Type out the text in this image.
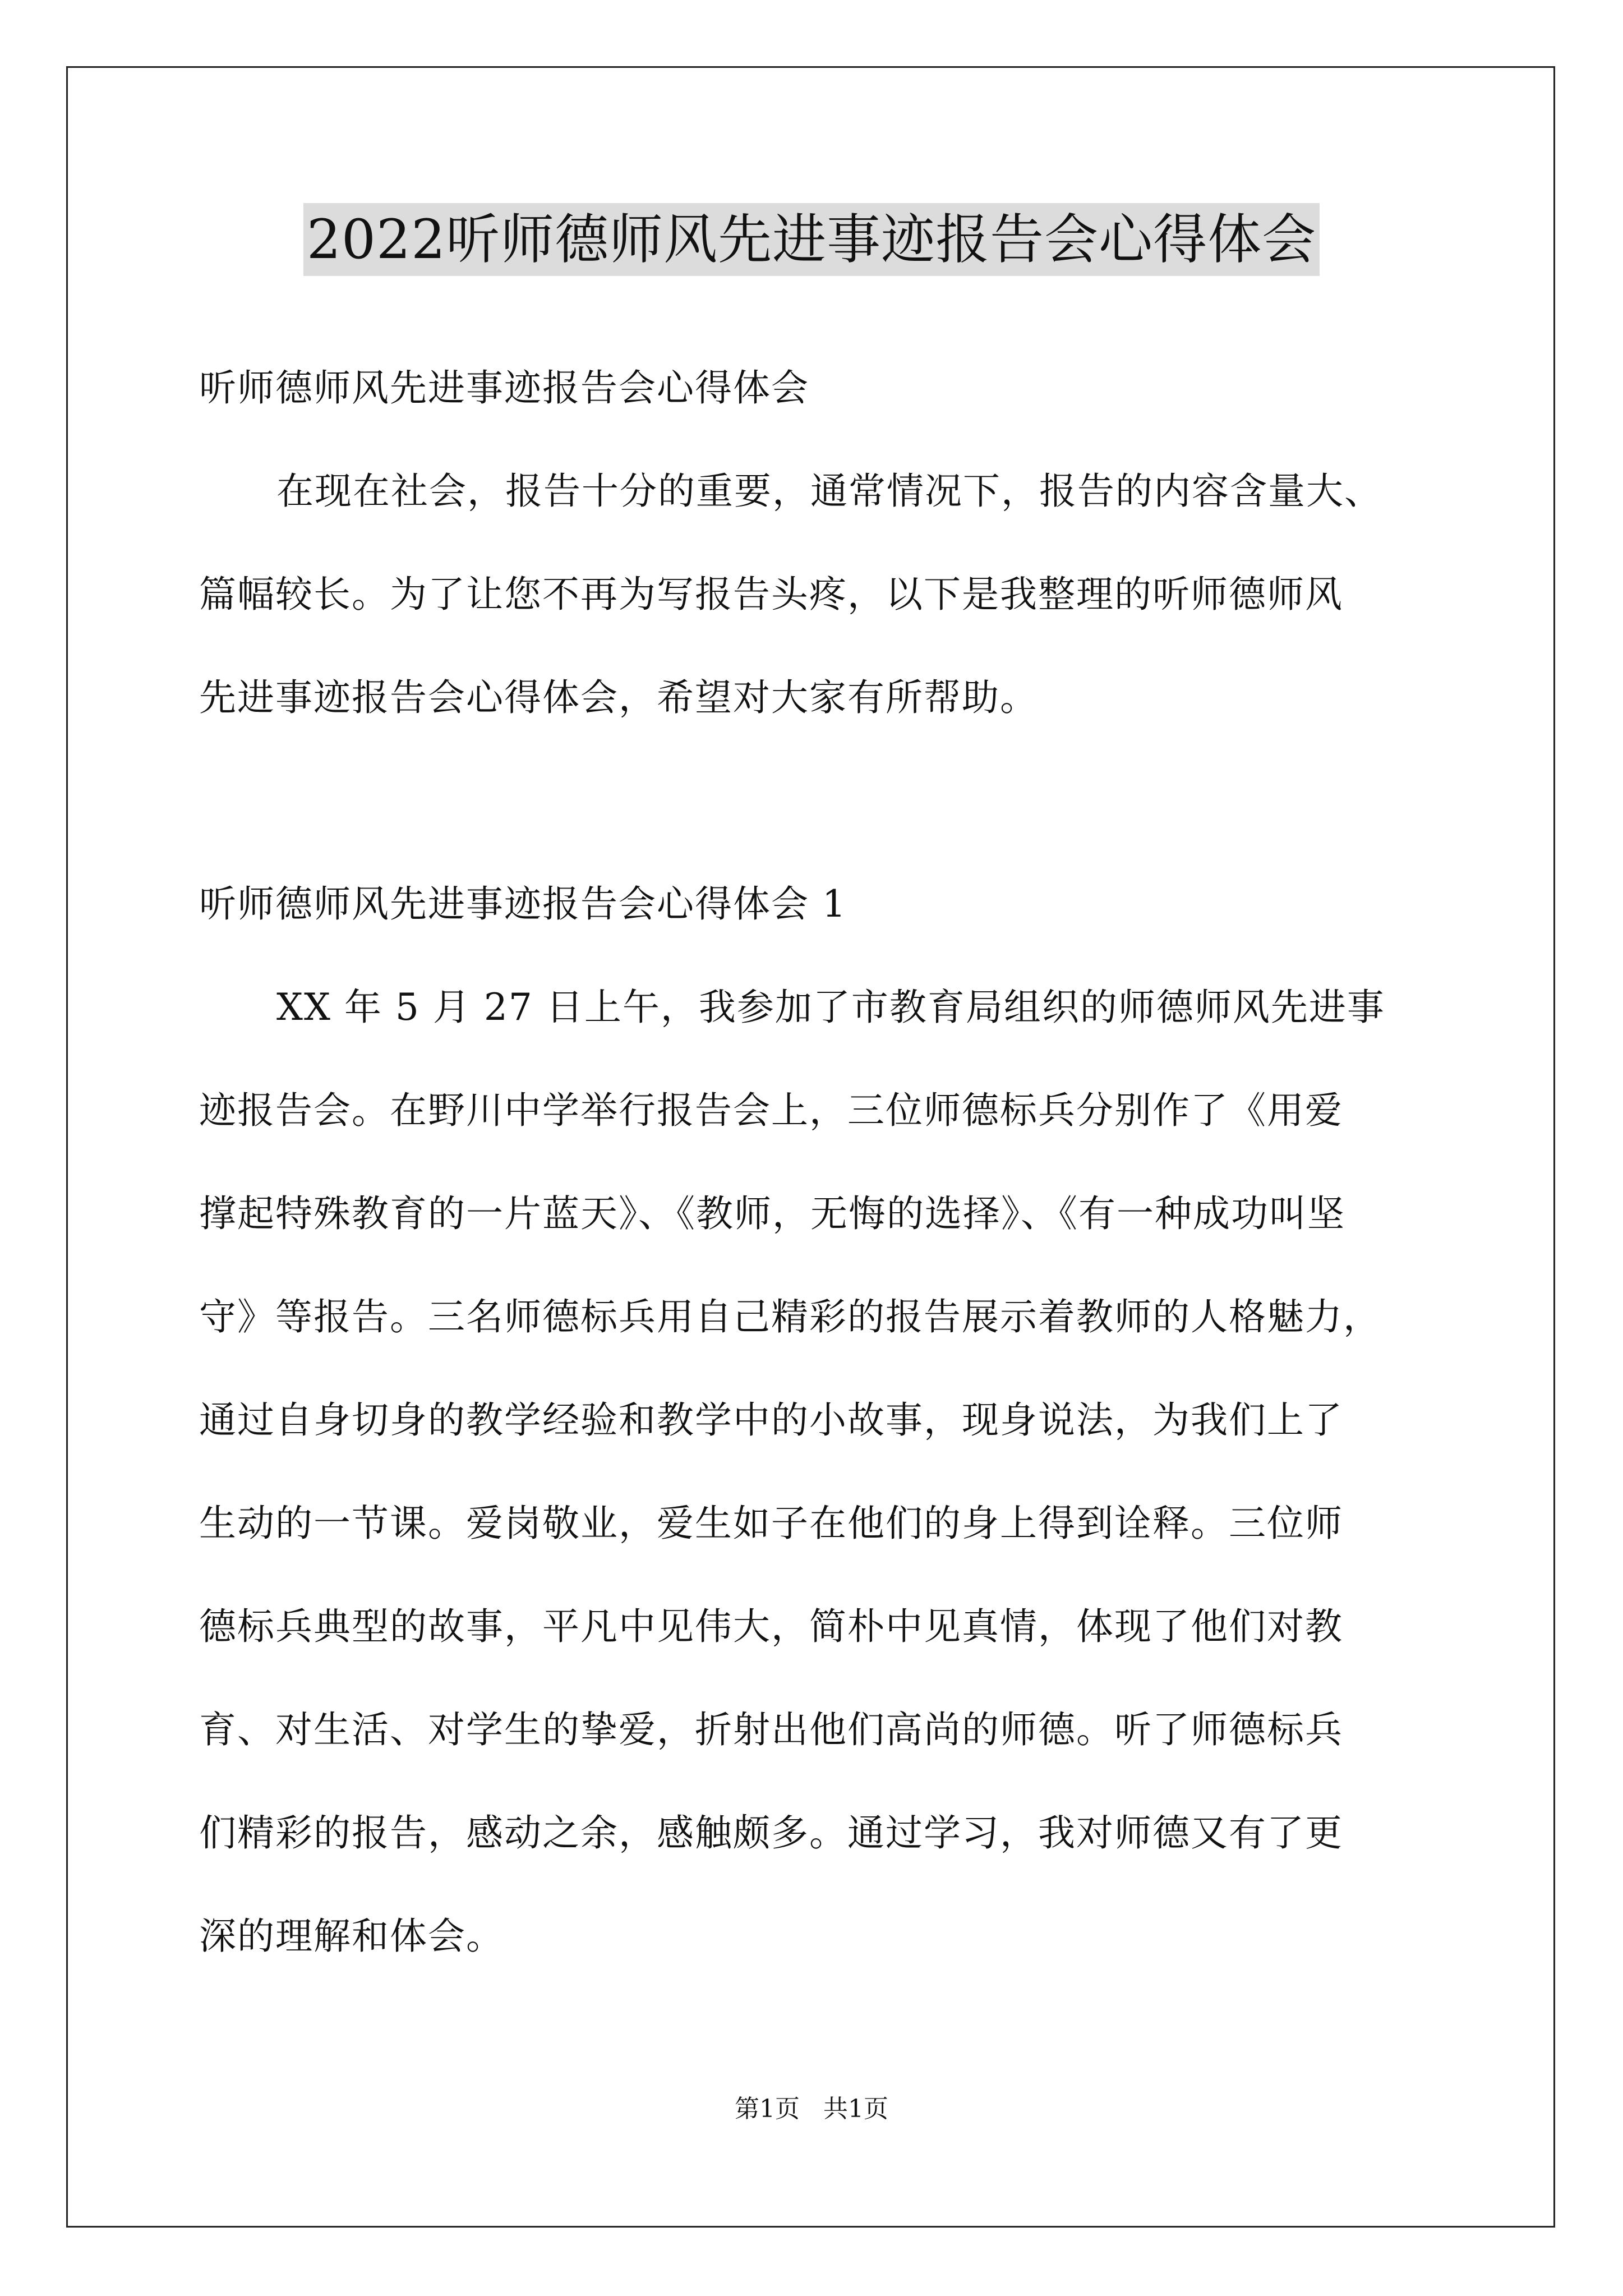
2022听师德师风先进事迹报告会心得体会
听师德师风先进事迹报告会心得体会
在现在社会，报告十分的重要，通常情况下，报告的内容含量大、
篇幅较长。为了让您不再为写报告头疼，以下是我整理的听师德师风
先进事迹报告会心得体会，希望对大家有所帮助。
听师德师风先进事迹报告会心得体会 1
XX 年 5 月 27 日上午，我参加了市教育局组织的师德师风先进事
迹报告会。在野川中学举行报告会上，三位师德标兵分别作了《用爱
撑起特殊教育的一片蓝天》、《教师，无悔的选择》、《有一种成功叫坚
守》等报告。三名师德标兵用自己精彩的报告展示着教师的人格魅力，
通过自身切身的教学经验和教学中的小故事，现身说法，为我们上了
生动的一节课。爱岗敬业，爱生如子在他们的身上得到诠释。三位师
德标兵典型的故事，平凡中见伟大，简朴中见真情，体现了他们对教
育、对生活、对学生的挚爱，折射出他们高尚的师德。听了师德标兵
们精彩的报告，感动之余，感触颇多。通过学习，我对师德又有了更
深的理解和体会。
第1页   共1页
